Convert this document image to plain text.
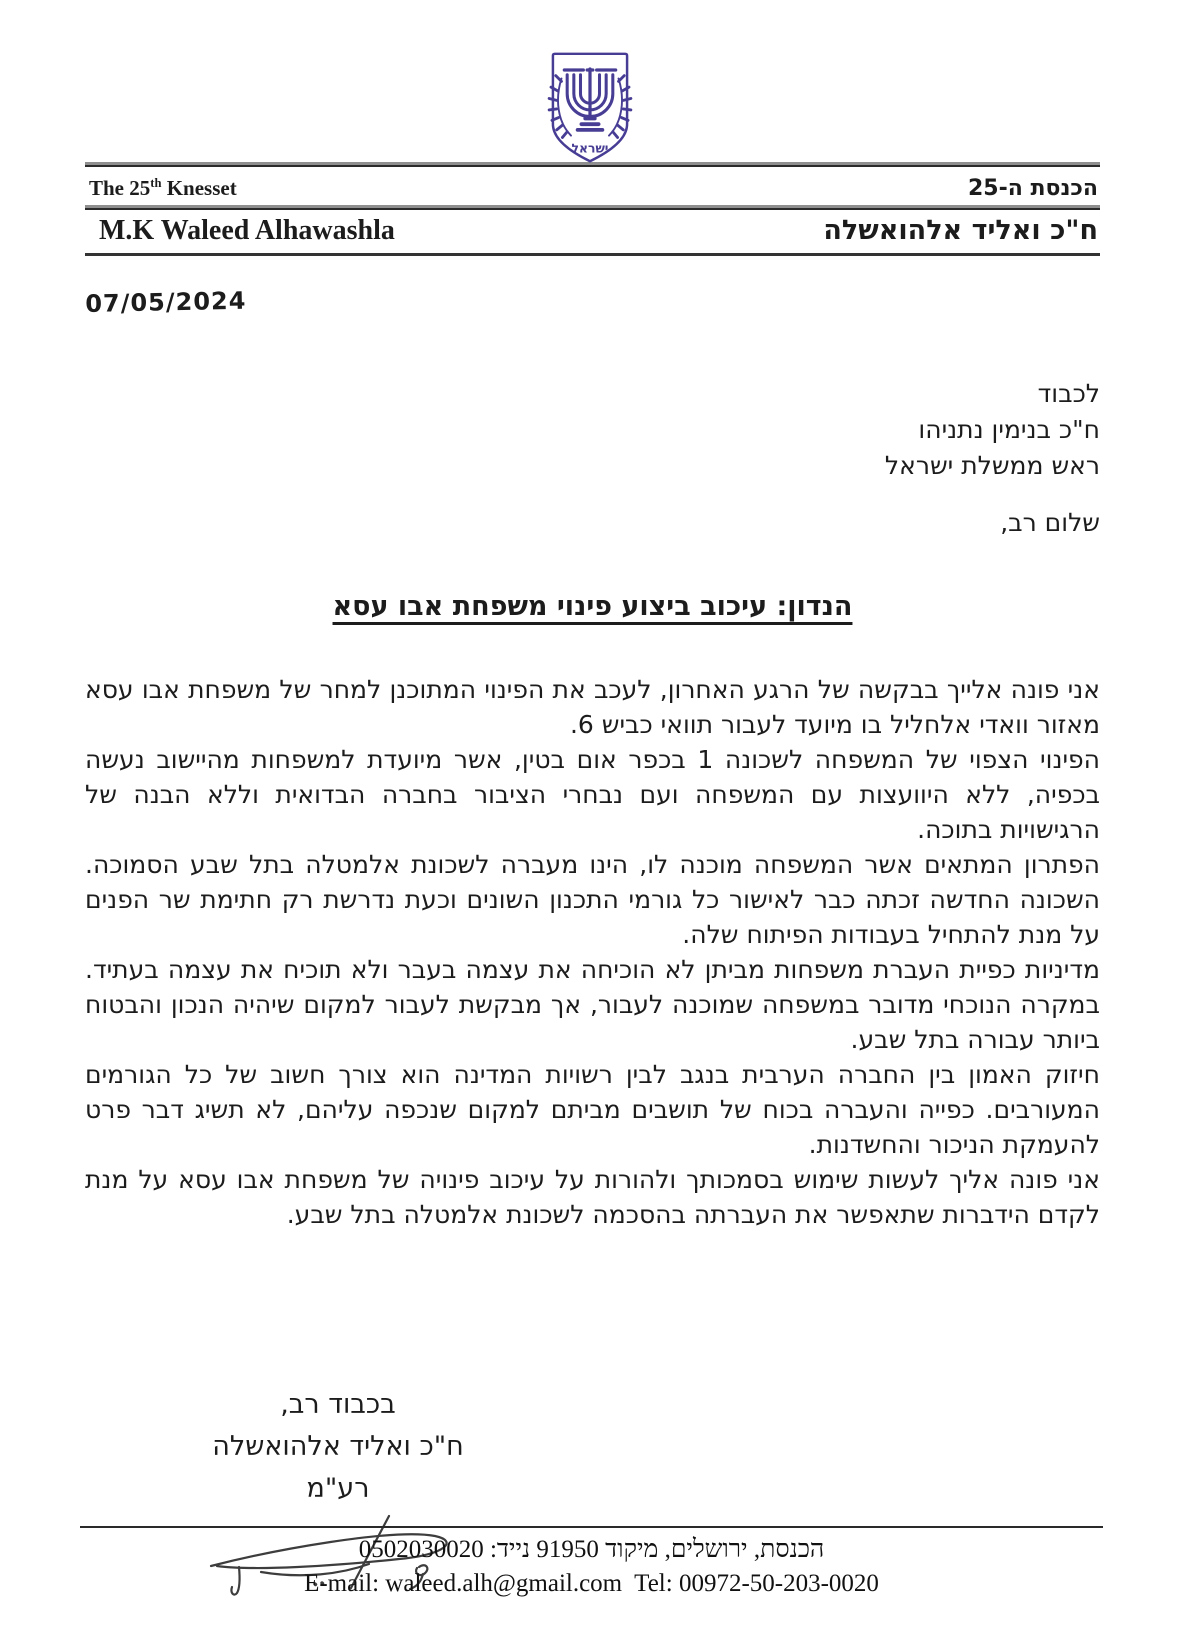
ישראל
The 25th Knesset	הכנסת ה-25
M.K Waleed Alhawashla	ח"כ ואליד אלהואשלה
07/05/2024
לכבוד
ח"כ בנימין נתניהו
ראש ממשלת ישראל
שלום רב,
הנדון: עיכוב ביצוע פינוי משפחת אבו עסא

אני פונה אלייך בבקשה של הרגע האחרון, לעכב את הפינוי המתוכנן למחר של משפחת אבו עסא מאזור וואדי אלחליל בו מיועד לעבור תוואי כביש 6.

הפינוי הצפוי של המשפחה לשכונה 1 בכפר אום בטין, אשר מיועדת למשפחות מהיישוב נעשה בכפיה, ללא היוועצות עם המשפחה ועם נבחרי הציבור בחברה הבדואית וללא הבנה של הרגישויות בתוכה.

הפתרון המתאים אשר המשפחה מוכנה לו, הינו מעברה לשכונת אלמטלה בתל שבע הסמוכה. השכונה החדשה זכתה כבר לאישור כל גורמי התכנון השונים וכעת נדרשת רק חתימת שר הפנים על מנת להתחיל בעבודות הפיתוח שלה.

מדיניות כפיית העברת משפחות מביתן לא הוכיחה את עצמה בעבר ולא תוכיח את עצמה בעתיד. במקרה הנוכחי מדובר במשפחה שמוכנה לעבור, אך מבקשת לעבור למקום שיהיה הנכון והבטוח ביותר עבורה בתל שבע.

חיזוק האמון בין החברה הערבית בנגב לבין רשויות המדינה הוא צורך חשוב של כל הגורמים המעורבים. כפייה והעברה בכוח של תושבים מביתם למקום שנכפה עליהם, לא תשיג דבר פרט להעמקת הניכור והחשדנות.

אני פונה אליך לעשות שימוש בסמכותך ולהורות על עיכוב פינויה של משפחת אבו עסא על מנת לקדם הידברות שתאפשר את העברתה בהסכמה לשכונת אלמטלה בתל שבע.

בכבוד רב,
ח"כ ואליד אלהואשלה
רע"מ
הכנסת, ירושלים, מיקוד 91950 נייד: 0502030020
E-mail: waleed.alh@gmail.com  Tel: 00972-50-203-0020
